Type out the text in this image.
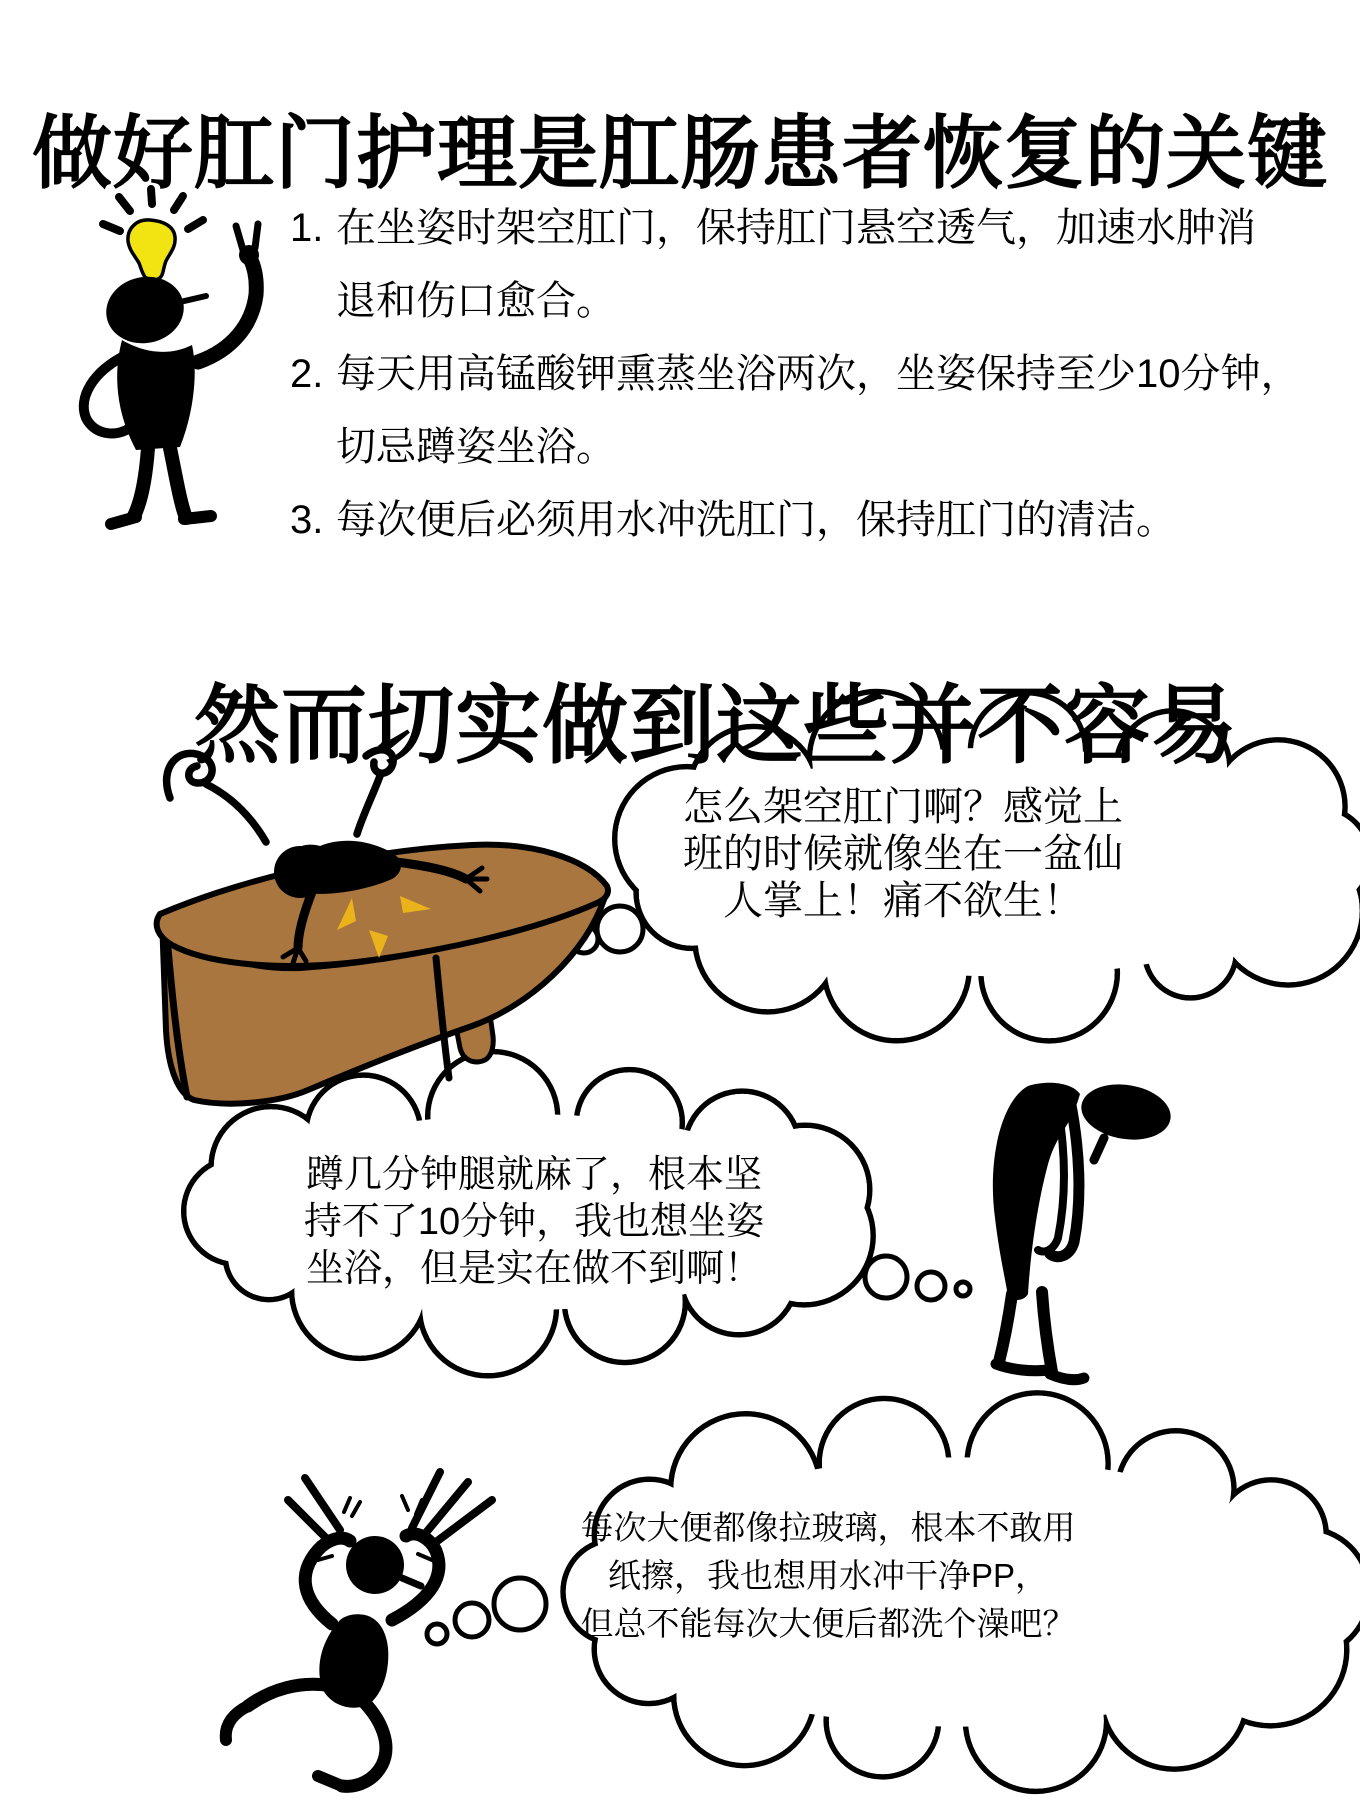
做好肛门护理是肛肠患者恢复的关键
1. 在坐姿时架空肛门，保持肛门悬空透气，加速水肿消
退和伤口愈合。
2. 每天用高锰酸钾熏蒸坐浴两次，坐姿保持至少10分钟，
切忌蹲姿坐浴。
3. 每次便后必须用水冲洗肛门，保持肛门的清洁。
然而切实做到这些并不容易
怎么架空肛门啊？感觉上
班的时候就像坐在一盆仙
人掌上！痛不欲生！
蹲几分钟腿就麻了，根本坚
持不了10分钟，我也想坐姿
坐浴，但是实在做不到啊！
每次大便都像拉玻璃，根本不敢用
纸擦，我也想用水冲干净PP，
但总不能每次大便后都洗个澡吧？
